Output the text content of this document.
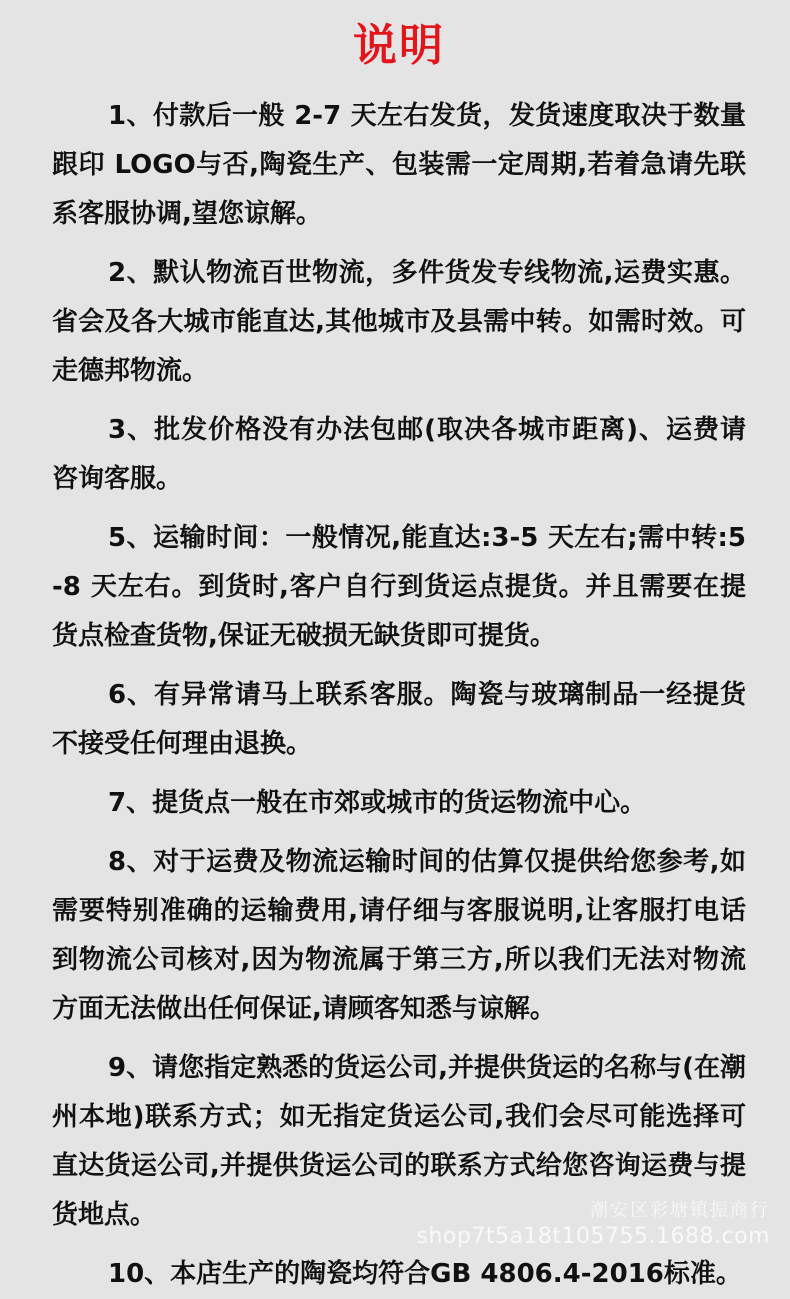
说明

1、付款后一般 2-7 天左右发货，发货速度取决于数量跟印 LOGO与否,陶瓷生产、包装需一定周期,若着急请先联系客服协调,望您谅解。

2、默认物流百世物流，多件货发专线物流,运费实惠。省会及各大城市能直达,其他城市及县需中转。如需时效。可走德邦物流。

3、批发价格没有办法包邮(取决各城市距离)、运费请咨询客服。

5、运输时间：一般情况,能直达:3-5 天左右;需中转:5-8 天左右。到货时,客户自行到货运点提货。并且需要在提货点检查货物,保证无破损无缺货即可提货。

6、有异常请马上联系客服。陶瓷与玻璃制品一经提货不接受任何理由退换。

7、提货点一般在市郊或城市的货运物流中心。

8、对于运费及物流运输时间的估算仅提供给您参考,如需要特别准确的运输费用,请仔细与客服说明,让客服打电话到物流公司核对,因为物流属于第三方,所以我们无法对物流方面无法做出任何保证,请顾客知悉与谅解。

9、请您指定熟悉的货运公司,并提供货运的名称与(在潮州本地)联系方式；如无指定货运公司,我们会尽可能选择可直达货运公司,并提供货运公司的联系方式给您咨询运费与提货地点。

10、本店生产的陶瓷均符合GB 4806.4-2016标准。

潮安区彩塘镇振商行
shop7t5a18t105755.1688.com
